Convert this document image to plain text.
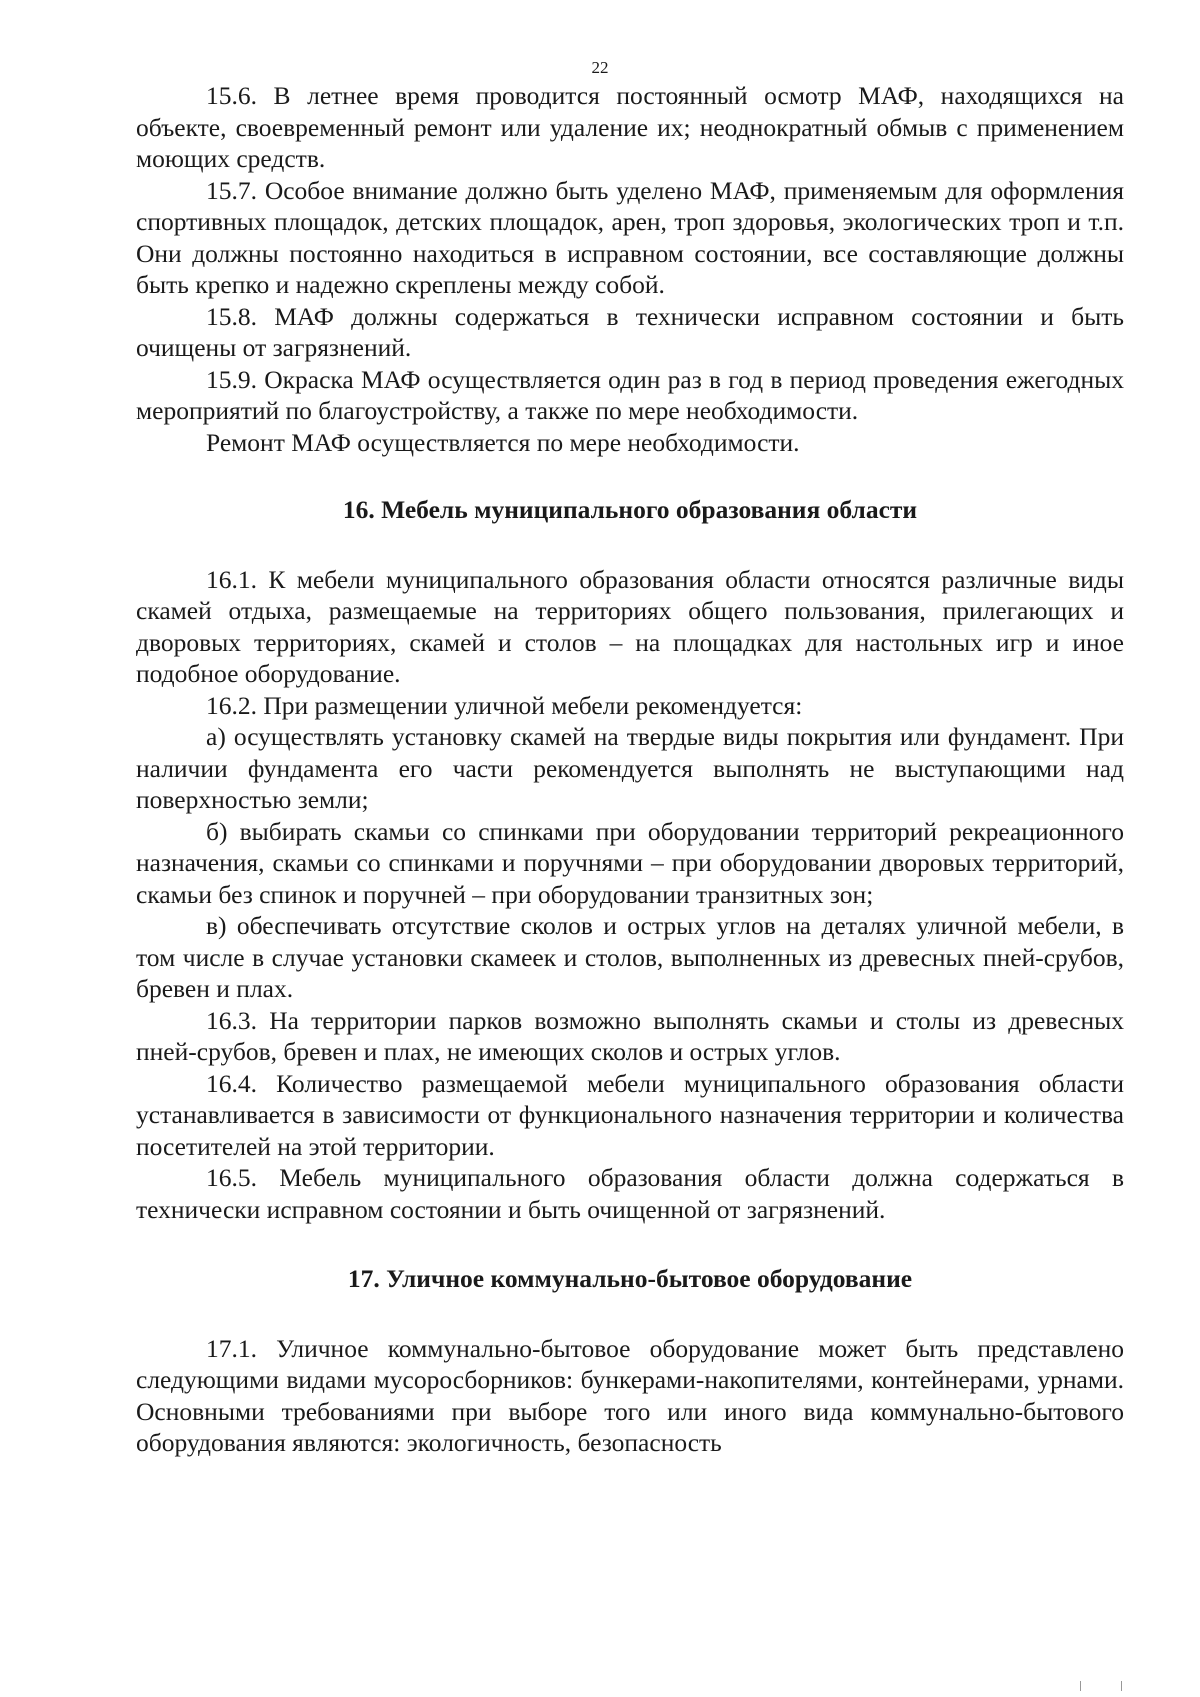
22

15.6. В летнее время проводится постоянный осмотр МАФ, находящихся на объекте, своевременный ремонт или удаление их; неоднократный обмыв с применением моющих средств.

15.7. Особое внимание должно быть уделено МАФ, применяемым для оформления спортивных площадок, детских площадок, арен, троп здоровья, экологических троп и т.п. Они должны постоянно находиться в исправном состоянии, все составляющие должны быть крепко и надежно скреплены между собой.

15.8. МАФ должны содержаться в технически исправном состоянии и быть очищены от загрязнений.

15.9. Окраска МАФ осуществляется один раз в год в период проведения ежегодных мероприятий по благоустройству, а также по мере необходимости.

Ремонт МАФ осуществляется по мере необходимости.

16. Мебель муниципального образования области

16.1. К мебели муниципального образования области относятся различные виды скамей отдыха, размещаемые на территориях общего пользования, прилегающих и дворовых территориях, скамей и столов – на площадках для настольных игр и иное подобное оборудование.

16.2. При размещении уличной мебели рекомендуется:

а) осуществлять установку скамей на твердые виды покрытия или фундамент. При наличии фундамента его части рекомендуется выполнять не выступающими над поверхностью земли;

б) выбирать скамьи со спинками при оборудовании территорий рекреационного назначения, скамьи со спинками и поручнями – при оборудовании дворовых территорий, скамьи без спинок и поручней – при оборудовании транзитных зон;

в) обеспечивать отсутствие сколов и острых углов на деталях уличной мебели, в том числе в случае установки скамеек и столов, выполненных из древесных пней-срубов, бревен и плах.

16.3. На территории парков возможно выполнять скамьи и столы из древесных пней-срубов, бревен и плах, не имеющих сколов и острых углов.

16.4. Количество размещаемой мебели муниципального образования области устанавливается в зависимости от функционального назначения территории и количества посетителей на этой территории.

16.5. Мебель муниципального образования области должна содержаться в технически исправном состоянии и быть очищенной от загрязнений.

17. Уличное коммунально-бытовое оборудование

17.1. Уличное коммунально-бытовое оборудование может быть представлено следующими видами мусоросборников: бункерами-накопителями, контейнерами, урнами. Основными требованиями при выборе того или иного вида коммунально-бытового оборудования являются: экологичность, безопасность
